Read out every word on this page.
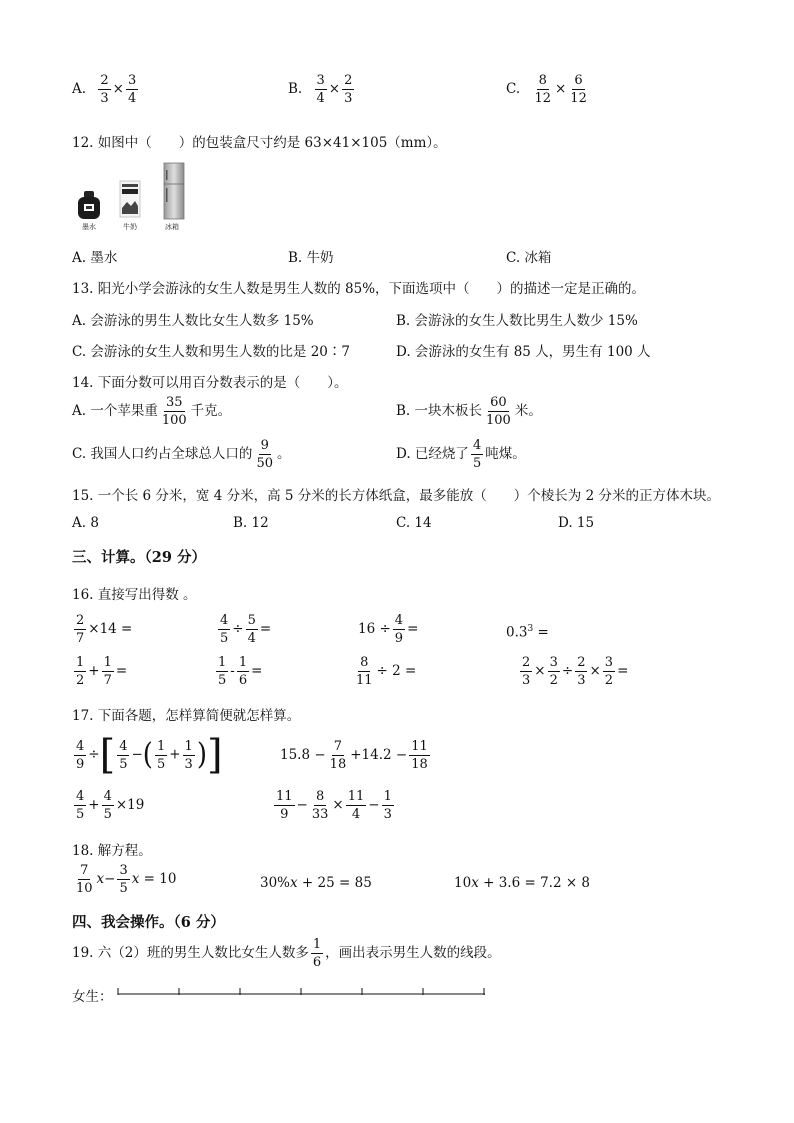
A. $\frac{2}{3} \times \frac{3}{4}$	B. $\frac{3}{4} \times \frac{2}{3}$	C. $\frac{8}{12} \times \frac{6}{12}$
12. 如图中（　　）的包装盒尺寸约是 63×41×105（mm）。
墨水	牛奶	冰箱
A. 墨水	B. 牛奶	C. 冰箱
13. 阳光小学会游泳的女生人数是男生人数的 85%，下面选项中（　　）的描述一定是正确的。
A. 会游泳的男生人数比女生人数多 15%	B. 会游泳的女生人数比男生人数少 15%
C. 会游泳的女生人数和男生人数的比是 20∶7	D. 会游泳的女生有 85 人，男生有 100 人
14. 下面分数可以用百分数表示的是（　　）。
A. 一个苹果重 $\frac{35}{100}$ 千克。	B. 一块木板长 $\frac{60}{100}$ 米。
C. 我国人口约占全球总人口的 $\frac{9}{50}$ 。	D. 已经烧了 $\frac{4}{5}$ 吨煤。
15. 一个长 6 分米，宽 4 分米，高 5 分米的长方体纸盒，最多能放（　　）个棱长为 2 分米的正方体木块。
A. 8	B. 12	C. 14	D. 15
三、计算。（29 分）
16. 直接写出得数 。
$\frac{2}{7} \times 14$ =	$\frac{4}{5} \div \frac{5}{4}$ =	$16 \div \frac{4}{9}$ =	$0.3^3$ =
$\frac{1}{2} + \frac{1}{7}$ =	$\frac{1}{5} - \frac{1}{6}$ =	$\frac{8}{11} \div 2$ =	$\frac{2}{3} \times \frac{3}{2} \div \frac{2}{3} \times \frac{3}{2}$ =
17. 下面各题，怎样算简便就怎样算。
$\frac{4}{9}$ ÷[ $\frac{4}{5}$ −( $\frac{1}{5} + \frac{1}{3}$ )]	$15.8 - \frac{7}{18} +14.2 - \frac{11}{18}$
$\frac{4}{5} + \frac{4}{5} \times 19$	$\frac{11}{9} - \frac{8}{33} \times \frac{11}{4} - \frac{1}{3}$
18. 解方程。
$\frac{7}{10} x- \frac{3}{5}$ x = 10	30%x + 25 = 85	10x + 3.6 = 7.2 × 8
四、我会操作。（6 分）
19. 六（2）班的男生人数比女生人数多 $\frac{1}{6}$ ，画出表示男生人数的线段。
女生：
